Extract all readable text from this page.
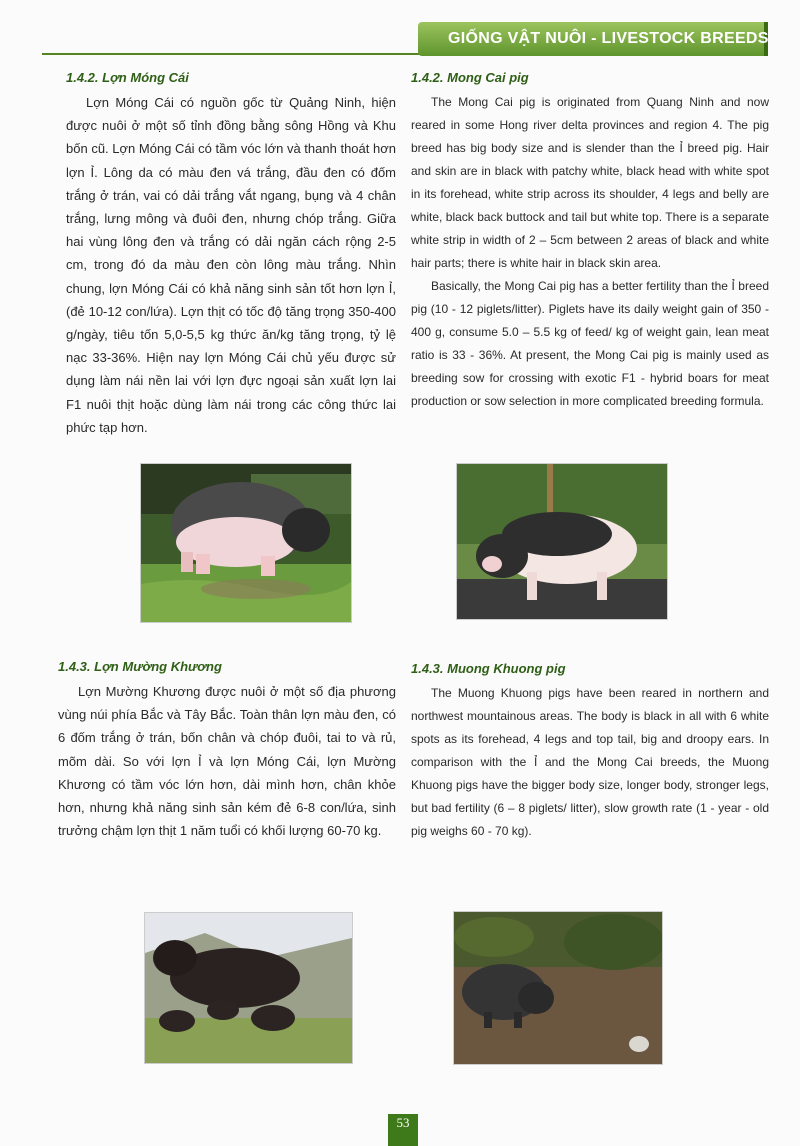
GIỐNG VẬT NUÔI - LIVESTOCK BREEDS
1.4.2. Lợn Móng Cái

Lợn Móng Cái có nguồn gốc từ Quảng Ninh, hiện được nuôi ở một số tỉnh đồng bằng sông Hồng và Khu bốn cũ. Lợn Móng Cái có tầm vóc lớn và thanh thoát hơn lợn Ỉ. Lông da có màu đen vá trắng, đầu đen có đốm trắng ở trán, vai có dải trắng vắt ngang, bụng và 4 chân trắng, lưng mông và đuôi đen, nhưng chóp trắng. Giữa hai vùng lông đen và trắng có dải ngăn cách rộng 2-5 cm, trong đó da màu đen còn lông màu trắng. Nhìn chung, lợn Móng Cái có khả năng sinh sản tốt hơn lợn Ỉ, (đẻ 10-12 con/lứa). Lợn thịt có tốc độ tăng trọng 350-400 g/ngày, tiêu tốn 5,0-5,5 kg thức ăn/kg tăng trọng, tỷ lệ nạc 33-36%. Hiện nay lợn Móng Cái chủ yếu được sử dụng làm nái nền lai với lợn đực ngoại sản xuất lợn lai F1 nuôi thịt hoặc dùng làm nái trong các công thức lai phức tạp hơn.

1.4.2. Mong Cai pig

The Mong Cai pig is originated from Quang Ninh and now reared in some Hong river delta provinces and region 4. The pig breed has big body size and is slender than the Ỉ breed pig. Hair and skin are in black with patchy white, black head with white spot in its forehead, white strip across its shoulder, 4 legs and belly are white, black back buttock and tail but white top. There is a separate white strip in width of 2 – 5cm between 2 areas of black and white hair parts; there is white hair in black skin area.

Basically, the Mong Cai pig has a better fertility than the Ỉ breed pig (10 - 12 piglets/litter). Piglets have its daily weight gain of 350 - 400 g, consume 5.0 – 5.5 kg of feed/ kg of weight gain, lean meat ratio is 33 - 36%. At present, the Mong Cai pig is mainly used as breeding sow for crossing with exotic F1 - hybrid boars for meat production or sow selection in more complicated breeding formula.

1.4.3. Lợn Mường Khương

Lợn Mường Khương được nuôi ở một số địa phương vùng núi phía Bắc và Tây Bắc. Toàn thân lợn màu đen, có 6 đốm trắng ở trán, bốn chân và chóp đuôi, tai to và rủ, mõm dài. So với lợn Ỉ và lợn Móng Cái, lợn Mường Khương có tầm vóc lớn hơn, dài mình hơn, chân khỏe hơn, nhưng khả năng sinh sản kém đẻ 6-8 con/lứa, sinh trưởng chậm lợn thịt 1 năm tuổi có khối lượng 60-70 kg.

1.4.3. Muong Khuong pig

The Muong Khuong pigs have been reared in northern and northwest mountainous areas. The body is black in all with 6 white spots as its forehead, 4 legs and top tail, big and droopy ears. In comparison with the Ỉ and the Mong Cai breeds, the Muong Khuong pigs have the bigger body size, longer body, stronger legs, but bad fertility (6 – 8 piglets/ litter), slow growth rate (1 - year - old pig weighs 60 - 70 kg).

53
